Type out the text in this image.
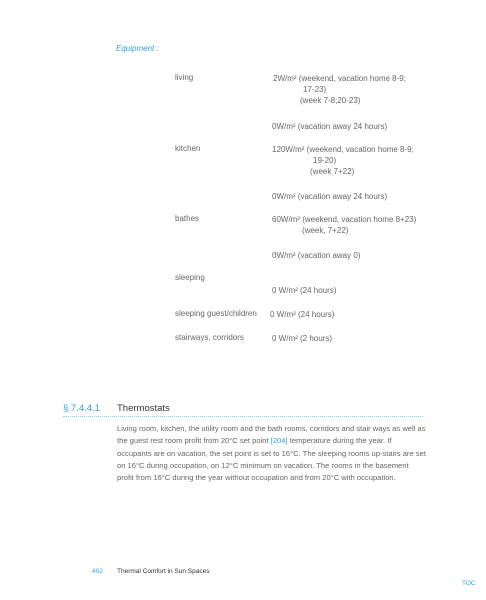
Equipment :
living	2W/m² (weekend, vacation home 8-9;
17-23)
(week 7-8;20-23)
0W/m² (vacation away 24 hours)
kitchen	120W/m² (weekend, vacation home 8-9;
19-20)
(week 7+22)
0W/m² (vacation away 24 hours)
bathes	60W/m² (weekend, vacation home 8+23)
(week, 7+22)
0W/m² (vacation away 0)
sleeping
0 W/m² (24 hours)
sleeping guest/children 0 W/m² (24 hours)
stairways, corridors	0 W/m² (2 hours)
§ 7.4.4.1 Thermostats
Living room, kitchen, the utility room and the bath rooms, corridors and stair ways as well as the guest rest room profit from 20°C set point [204] temperature during the year. If occupants are on vacation, the set point is set to 16°C. The sleeping rooms up-stairs are set on 16°C during occupation, on 12°C minimum on vacation. The rooms in the basement profit from 16°C during the year without occupation and from 20°C with occupation.
402 Thermal Comfort in Sun Spaces
TOC
